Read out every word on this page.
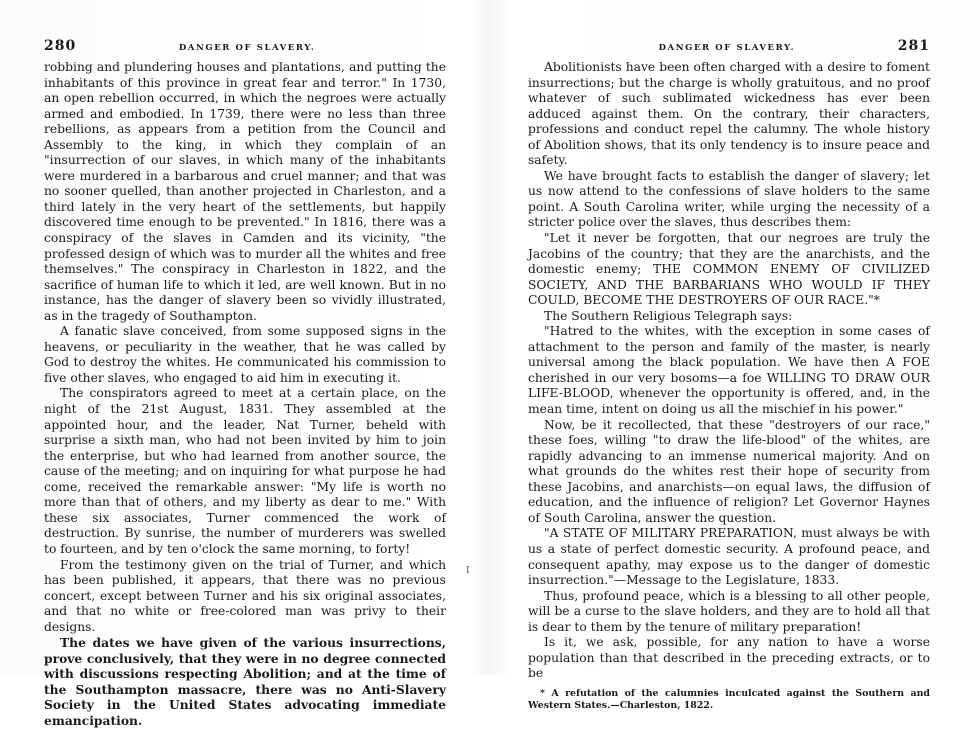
280	DANGER OF SLAVERY.

robbing and plundering houses and plantations, and putting the inhabitants of this province in great fear and terror." In 1730, an open rebellion occurred, in which the negroes were actually armed and embodied. In 1739, there were no less than three rebellions, as appears from a petition from the Council and Assembly to the king, in which they complain of an "insurrection of our slaves, in which many of the inhabitants were murdered in a barbarous and cruel manner; and that was no sooner quelled, than another projected in Charleston, and a third lately in the very heart of the settlements, but happily discovered time enough to be prevented." In 1816, there was a conspiracy of the slaves in Camden and its vicinity, "the professed design of which was to murder all the whites and free themselves." The conspiracy in Charleston in 1822, and the sacrifice of human life to which it led, are well known. But in no instance, has the danger of slavery been so vividly illustrated, as in the tragedy of Southampton.

A fanatic slave conceived, from some supposed signs in the heavens, or peculiarity in the weather, that he was called by God to destroy the whites. He communicated his commission to five other slaves, who engaged to aid him in executing it.

The conspirators agreed to meet at a certain place, on the night of the 21st August, 1831. They assembled at the appointed hour, and the leader, Nat Turner, beheld with surprise a sixth man, who had not been invited by him to join the enterprise, but who had learned from another source, the cause of the meeting; and on inquiring for what purpose he had come, received the remarkable answer: "My life is worth no more than that of others, and my liberty as dear to me." With these six associates, Turner commenced the work of destruction. By sunrise, the number of murderers was swelled to fourteen, and by ten o'clock the same morning, to forty!

From the testimony given on the trial of Turner, and which has been published, it appears, that there was no previous concert, except between Turner and his six original associates, and that no white or free-colored man was privy to their designs.

The dates we have given of the various insurrections, prove conclusively, that they were in no degree connected with discussions respecting Abolition; and at the time of the Southampton massacre, there was no Anti-Slavery Society in the United States advocating immediate emancipation.

I
DANGER OF SLAVERY.	281

Abolitionists have been often charged with a desire to foment insurrections; but the charge is wholly gratuitous, and no proof whatever of such sublimated wickedness has ever been adduced against them. On the contrary, their characters, professions and conduct repel the calumny. The whole history of Abolition shows, that its only tendency is to insure peace and safety.

We have brought facts to establish the danger of slavery; let us now attend to the confessions of slave holders to the same point. A South Carolina writer, while urging the necessity of a stricter police over the slaves, thus describes them:

"Let it never be forgotten, that our negroes are truly the Jacobins of the country; that they are the anarchists, and the domestic enemy; THE COMMON ENEMY OF CIVILIZED SOCIETY, AND THE BARBARIANS WHO WOULD IF THEY COULD, BECOME THE DESTROYERS OF OUR RACE."*

The Southern Religious Telegraph says:

"Hatred to the whites, with the exception in some cases of attachment to the person and family of the master, is nearly universal among the black population. We have then A FOE cherished in our very bosoms—a foe WILLING TO DRAW OUR LIFE-BLOOD, whenever the opportunity is offered, and, in the mean time, intent on doing us all the mischief in his power."

Now, be it recollected, that these "destroyers of our race," these foes, willing "to draw the life-blood" of the whites, are rapidly advancing to an immense numerical majority. And on what grounds do the whites rest their hope of security from these Jacobins, and anarchists—on equal laws, the diffusion of education, and the influence of religion? Let Governor Haynes of South Carolina, answer the question.

"A STATE OF MILITARY PREPARATION, must always be with us a state of perfect domestic security. A profound peace, and consequent apathy, may expose us to the danger of domestic insurrection."—Message to the Legislature, 1833.

Thus, profound peace, which is a blessing to all other people, will be a curse to the slave holders, and they are to hold all that is dear to them by the tenure of military preparation!

Is it, we ask, possible, for any nation to have a worse population than that described in the preceding extracts, or to be

* A refutation of the calumnies inculcated against the Southern and Western States.—Charleston, 1822.
